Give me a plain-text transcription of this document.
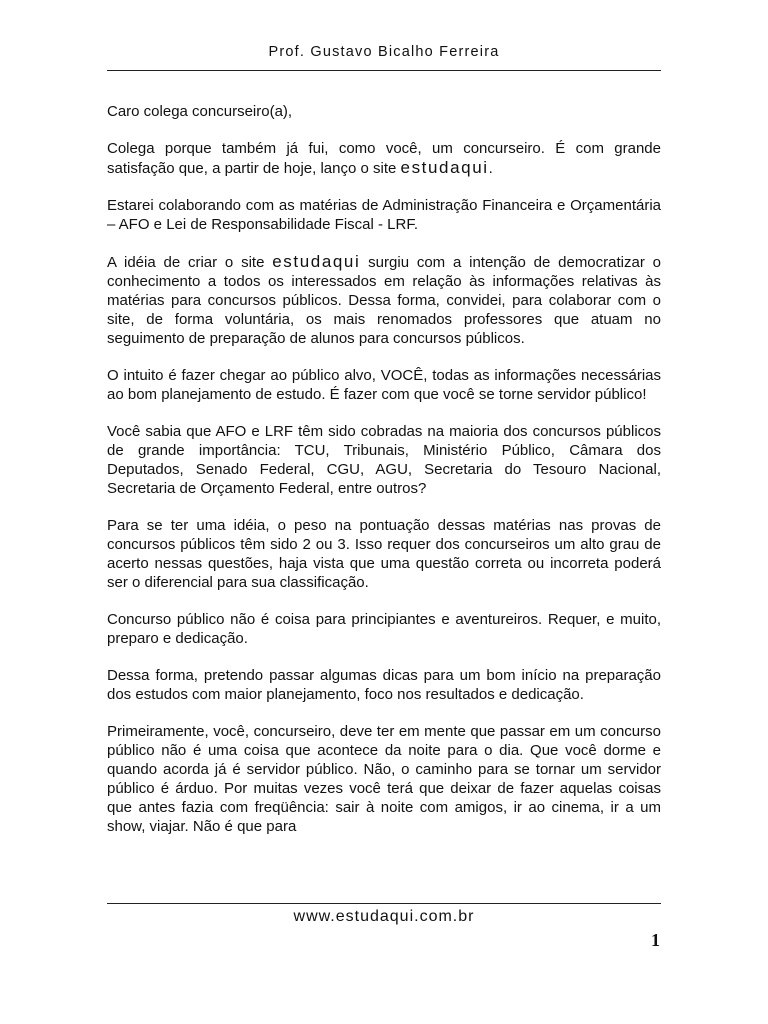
Prof. Gustavo Bicalho Ferreira

Caro colega concurseiro(a),

Colega porque também já fui, como você, um concurseiro. É com grande satisfação que, a partir de hoje, lanço o site estudaqui.

Estarei colaborando com as matérias de Administração Financeira e Orçamentária – AFO e Lei de Responsabilidade Fiscal - LRF.

A idéia de criar o site estudaqui surgiu com a intenção de democratizar o conhecimento a todos os interessados em relação às informações relativas às matérias para concursos públicos. Dessa forma, convidei, para colaborar com o site, de forma voluntária, os mais renomados professores que atuam no seguimento de preparação de alunos para concursos públicos.

O intuito é fazer chegar ao público alvo, VOCÊ, todas as informações necessárias ao bom planejamento de estudo. É fazer com que você se torne servidor público!

Você sabia que AFO e LRF têm sido cobradas na maioria dos concursos públicos de grande importância: TCU, Tribunais, Ministério Público, Câmara dos Deputados, Senado Federal, CGU, AGU, Secretaria do Tesouro Nacional, Secretaria de Orçamento Federal, entre outros?

Para se ter uma idéia, o peso na pontuação dessas matérias nas provas de concursos públicos têm sido 2 ou 3. Isso requer dos concurseiros um alto grau de acerto nessas questões, haja vista que uma questão correta ou incorreta poderá ser o diferencial para sua classificação.

Concurso público não é coisa para principiantes e aventureiros. Requer, e muito, preparo e dedicação.

Dessa forma, pretendo passar algumas dicas para um bom início na preparação dos estudos com maior planejamento, foco nos resultados e dedicação.

Primeiramente, você, concurseiro, deve ter em mente que passar em um concurso público não é uma coisa que acontece da noite para o dia. Que você dorme e quando acorda já é servidor público. Não, o caminho para se tornar um servidor público é árduo. Por muitas vezes você terá que deixar de fazer aquelas coisas que antes fazia com freqüência: sair à noite com amigos, ir ao cinema, ir a um show, viajar. Não é que para

www.estudaqui.com.br
1
